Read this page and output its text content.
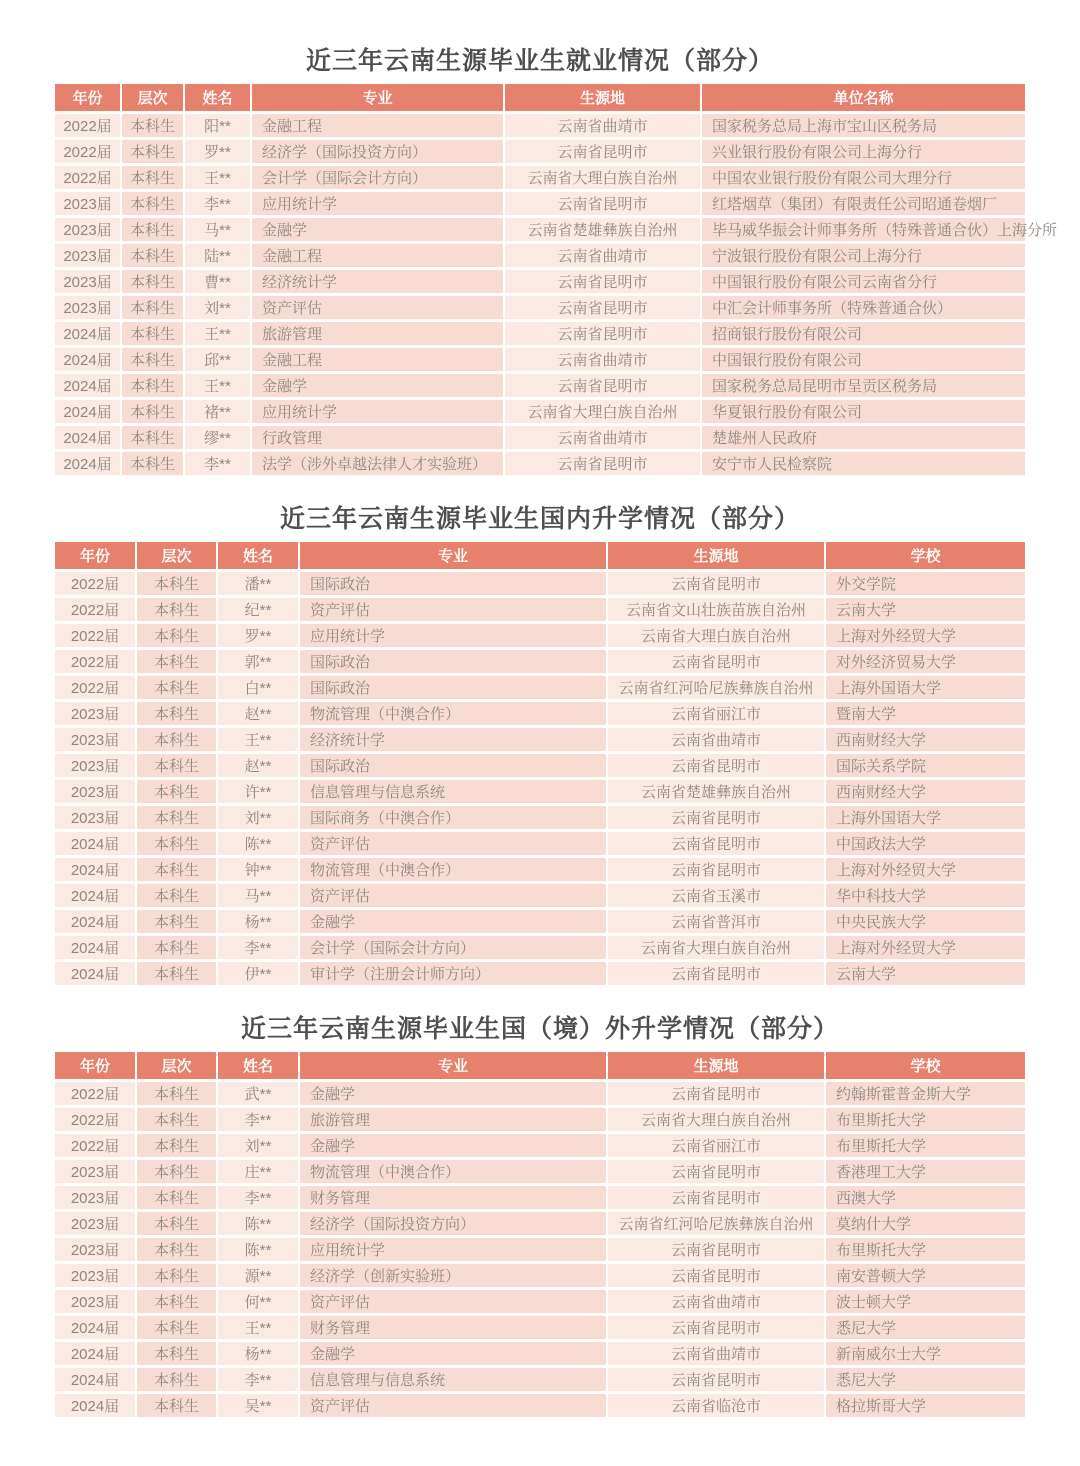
近三年云南生源毕业生就业情况（部分）
年份	层次	姓名	专业	生源地	单位名称
2022届	本科生	阳**	金融工程	云南省曲靖市	国家税务总局上海市宝山区税务局
2022届	本科生	罗**	经济学（国际投资方向）	云南省昆明市	兴业银行股份有限公司上海分行
2022届	本科生	王**	会计学（国际会计方向）	云南省大理白族自治州	中国农业银行股份有限公司大理分行
2023届	本科生	李**	应用统计学	云南省昆明市	红塔烟草（集团）有限责任公司昭通卷烟厂
2023届	本科生	马**	金融学	云南省楚雄彝族自治州	毕马威华振会计师事务所（特殊普通合伙）上海分所
2023届	本科生	陆**	金融工程	云南省曲靖市	宁波银行股份有限公司上海分行
2023届	本科生	曹**	经济统计学	云南省昆明市	中国银行股份有限公司云南省分行
2023届	本科生	刘**	资产评估	云南省昆明市	中汇会计师事务所（特殊普通合伙）
2024届	本科生	王**	旅游管理	云南省昆明市	招商银行股份有限公司
2024届	本科生	邱**	金融工程	云南省曲靖市	中国银行股份有限公司
2024届	本科生	王**	金融学	云南省昆明市	国家税务总局昆明市呈贡区税务局
2024届	本科生	褚**	应用统计学	云南省大理白族自治州	华夏银行股份有限公司
2024届	本科生	缪**	行政管理	云南省曲靖市	楚雄州人民政府
2024届	本科生	李**	法学（涉外卓越法律人才实验班）	云南省昆明市	安宁市人民检察院
近三年云南生源毕业生国内升学情况（部分）
年份	层次	姓名	专业	生源地	学校
2022届	本科生	潘**	国际政治	云南省昆明市	外交学院
2022届	本科生	纪**	资产评估	云南省文山壮族苗族自治州	云南大学
2022届	本科生	罗**	应用统计学	云南省大理白族自治州	上海对外经贸大学
2022届	本科生	郭**	国际政治	云南省昆明市	对外经济贸易大学
2022届	本科生	白**	国际政治	云南省红河哈尼族彝族自治州	上海外国语大学
2023届	本科生	赵**	物流管理（中澳合作）	云南省丽江市	暨南大学
2023届	本科生	王**	经济统计学	云南省曲靖市	西南财经大学
2023届	本科生	赵**	国际政治	云南省昆明市	国际关系学院
2023届	本科生	许**	信息管理与信息系统	云南省楚雄彝族自治州	西南财经大学
2023届	本科生	刘**	国际商务（中澳合作）	云南省昆明市	上海外国语大学
2024届	本科生	陈**	资产评估	云南省昆明市	中国政法大学
2024届	本科生	钟**	物流管理（中澳合作）	云南省昆明市	上海对外经贸大学
2024届	本科生	马**	资产评估	云南省玉溪市	华中科技大学
2024届	本科生	杨**	金融学	云南省普洱市	中央民族大学
2024届	本科生	李**	会计学（国际会计方向）	云南省大理白族自治州	上海对外经贸大学
2024届	本科生	伊**	审计学（注册会计师方向）	云南省昆明市	云南大学
近三年云南生源毕业生国（境）外升学情况（部分）
年份	层次	姓名	专业	生源地	学校
2022届	本科生	武**	金融学	云南省昆明市	约翰斯霍普金斯大学
2022届	本科生	李**	旅游管理	云南省大理白族自治州	布里斯托大学
2022届	本科生	刘**	金融学	云南省丽江市	布里斯托大学
2023届	本科生	庄**	物流管理（中澳合作）	云南省昆明市	香港理工大学
2023届	本科生	李**	财务管理	云南省昆明市	西澳大学
2023届	本科生	陈**	经济学（国际投资方向）	云南省红河哈尼族彝族自治州	莫纳什大学
2023届	本科生	陈**	应用统计学	云南省昆明市	布里斯托大学
2023届	本科生	源**	经济学（创新实验班）	云南省昆明市	南安普顿大学
2023届	本科生	何**	资产评估	云南省曲靖市	波士顿大学
2024届	本科生	王**	财务管理	云南省昆明市	悉尼大学
2024届	本科生	杨**	金融学	云南省曲靖市	新南威尔士大学
2024届	本科生	李**	信息管理与信息系统	云南省昆明市	悉尼大学
2024届	本科生	吴**	资产评估	云南省临沧市	格拉斯哥大学
